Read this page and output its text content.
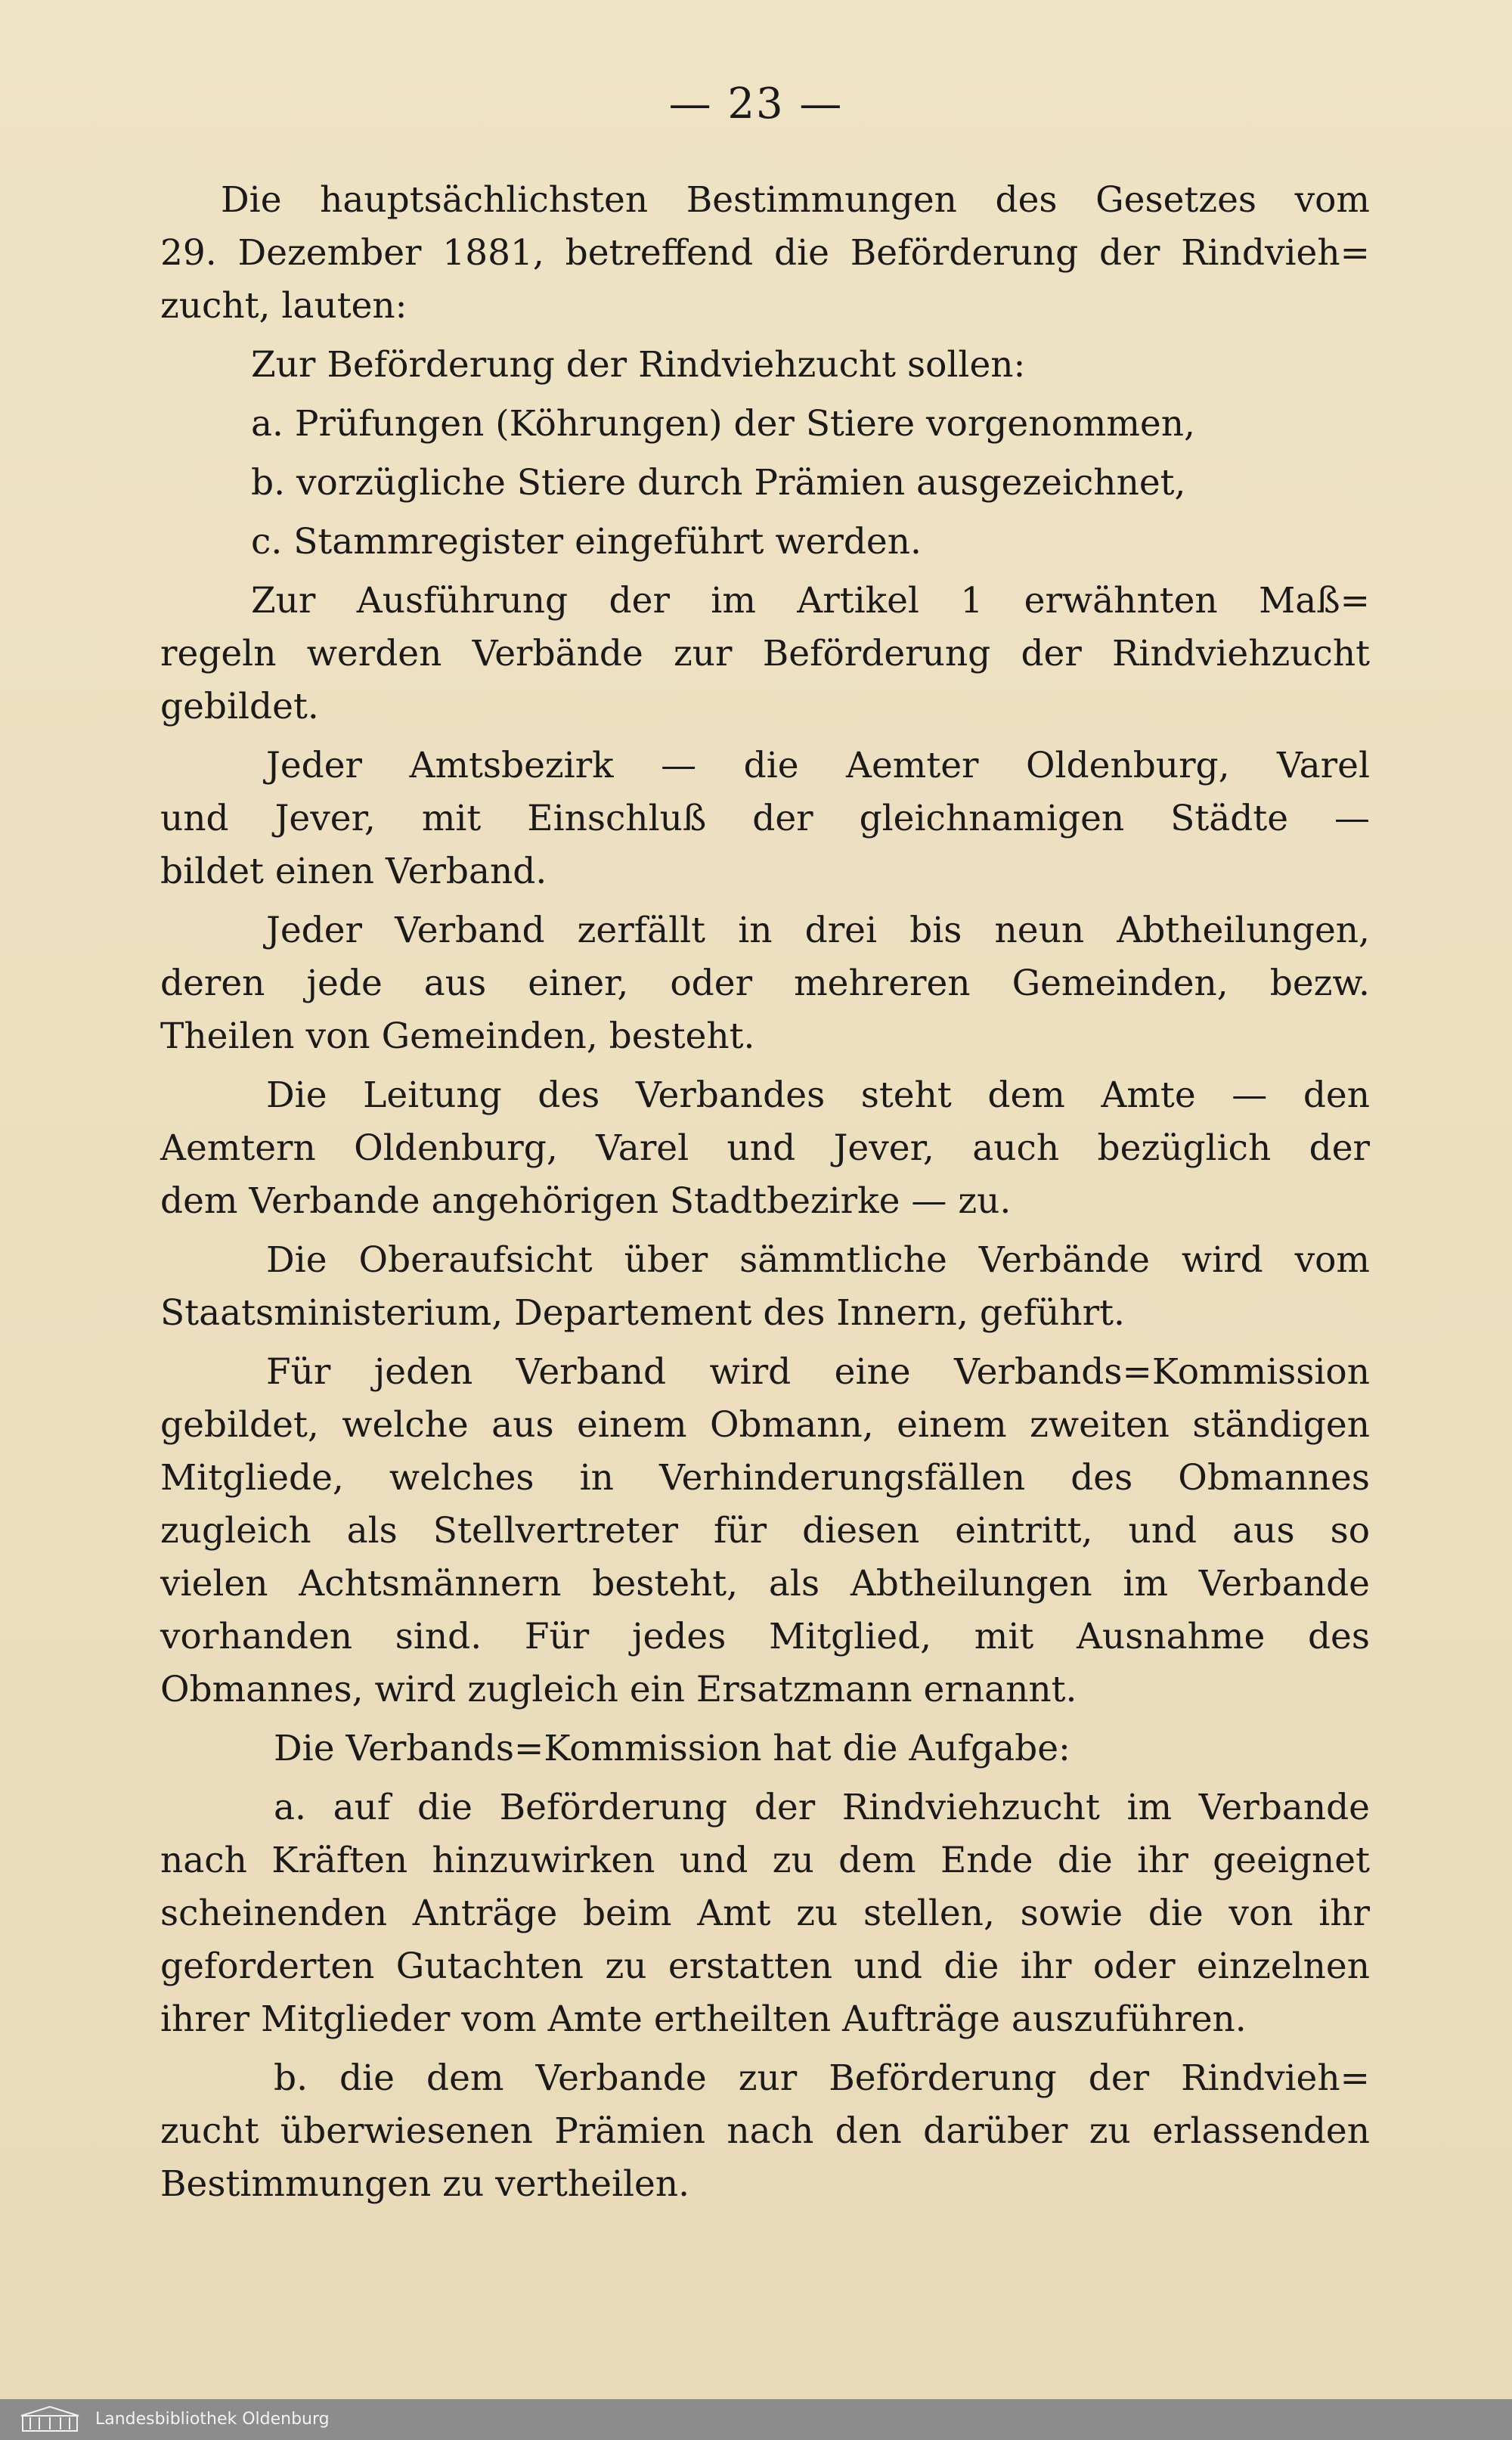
— 23 —
Die hauptsächlichsten Bestimmungen des Gesetzes vom
29. Dezember 1881, betreffend die Beförderung der Rindvieh=
zucht, lauten:
Zur Beförderung der Rindviehzucht sollen:
a. Prüfungen (Köhrungen) der Stiere vorgenommen,
b. vorzügliche Stiere durch Prämien ausgezeichnet,
c. Stammregister eingeführt werden.
Zur Ausführung der im Artikel 1 erwähnten Maß=
regeln werden Verbände zur Beförderung der Rindviehzucht
gebildet.
Jeder Amtsbezirk — die Aemter Oldenburg, Varel
und Jever, mit Einschluß der gleichnamigen Städte —
bildet einen Verband.
Jeder Verband zerfällt in drei bis neun Abtheilungen,
deren jede aus einer, oder mehreren Gemeinden, bezw.
Theilen von Gemeinden, besteht.
Die Leitung des Verbandes steht dem Amte — den
Aemtern Oldenburg, Varel und Jever, auch bezüglich der
dem Verbande angehörigen Stadtbezirke — zu.
Die Oberaufsicht über sämmtliche Verbände wird vom
Staatsministerium, Departement des Innern, geführt.
Für jeden Verband wird eine Verbands=Kommission
gebildet, welche aus einem Obmann, einem zweiten ständigen
Mitgliede, welches in Verhinderungsfällen des Obmannes
zugleich als Stellvertreter für diesen eintritt, und aus so
vielen Achtsmännern besteht, als Abtheilungen im Verbande
vorhanden sind. Für jedes Mitglied, mit Ausnahme des
Obmannes, wird zugleich ein Ersatzmann ernannt.
Die Verbands=Kommission hat die Aufgabe:
a. auf die Beförderung der Rindviehzucht im Verbande
nach Kräften hinzuwirken und zu dem Ende die ihr geeignet
scheinenden Anträge beim Amt zu stellen, sowie die von ihr
geforderten Gutachten zu erstatten und die ihr oder einzelnen
ihrer Mitglieder vom Amte ertheilten Aufträge auszuführen.
b. die dem Verbande zur Beförderung der Rindvieh=
zucht überwiesenen Prämien nach den darüber zu erlassenden
Bestimmungen zu vertheilen.
Landesbibliothek Oldenburg
